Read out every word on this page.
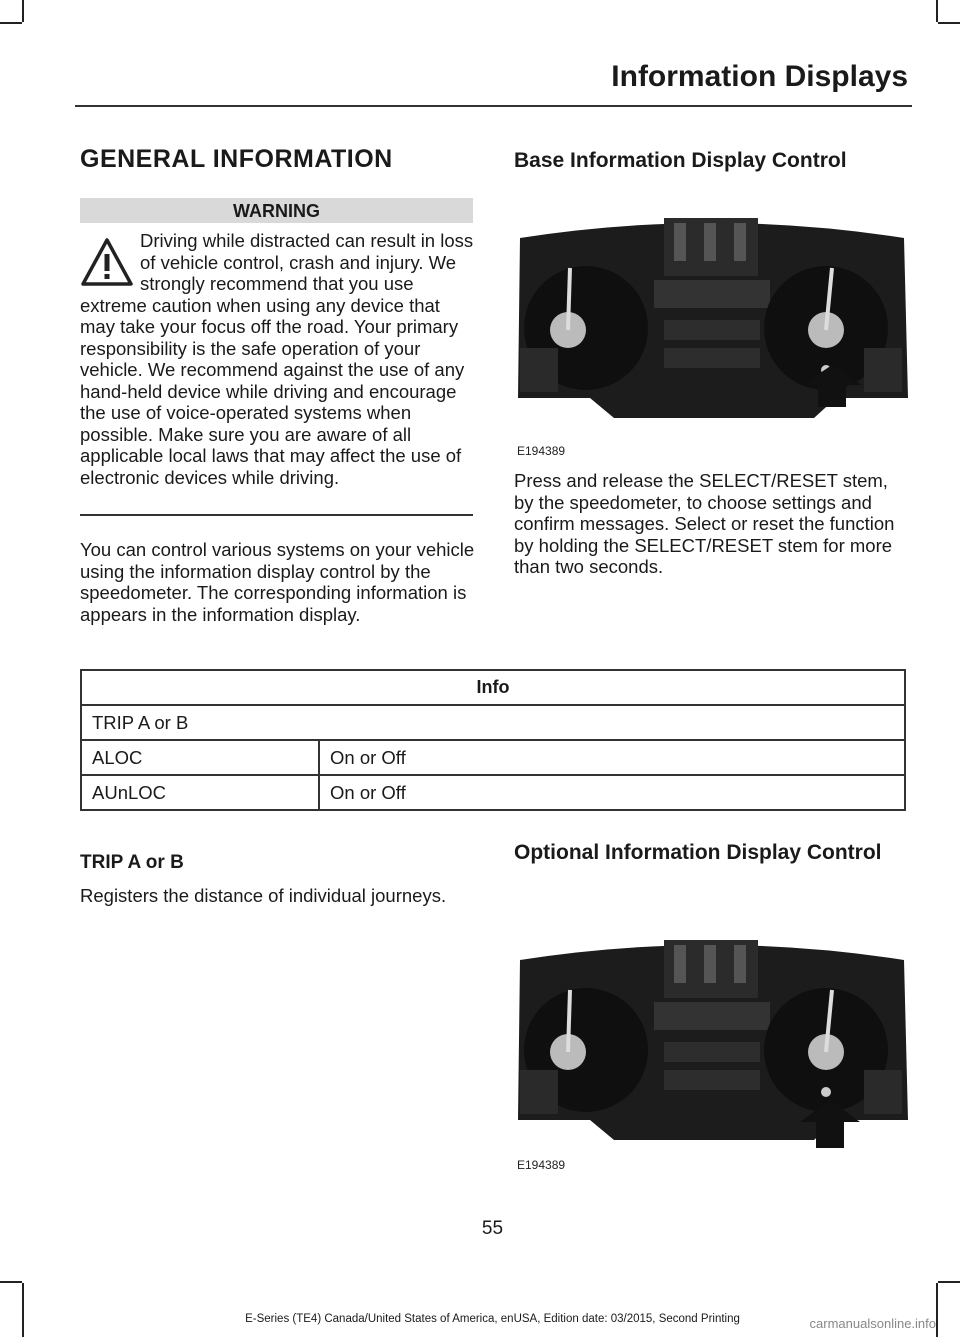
Information Displays
GENERAL INFORMATION
WARNING
Driving while distracted can result in loss of vehicle control, crash and injury. We strongly recommend that you use extreme caution when using any device that may take your focus off the road. Your primary responsibility is the safe operation of your vehicle. We recommend against the use of any hand-held device while driving and encourage the use of voice-operated systems when possible. Make sure you are aware of all applicable local laws that may affect the use of electronic devices while driving.
You can control various systems on your vehicle using the information display control by the speedometer. The corresponding information is appears in the information display.
Base Information Display Control
E194389
Press and release the SELECT/RESET stem, by the speedometer, to choose settings and confirm messages. Select or reset the function by holding the SELECT/RESET stem for more than two seconds.
Info	
TRIP A or B	
ALOC	On or Off
AUnLOC	On or Off
TRIP A or B
Registers the distance of individual journeys.
Optional Information Display Control
E194389
55
E-Series (TE4) Canada/United States of America, enUSA, Edition date: 03/2015, Second Printing	carmanualsonline.info
